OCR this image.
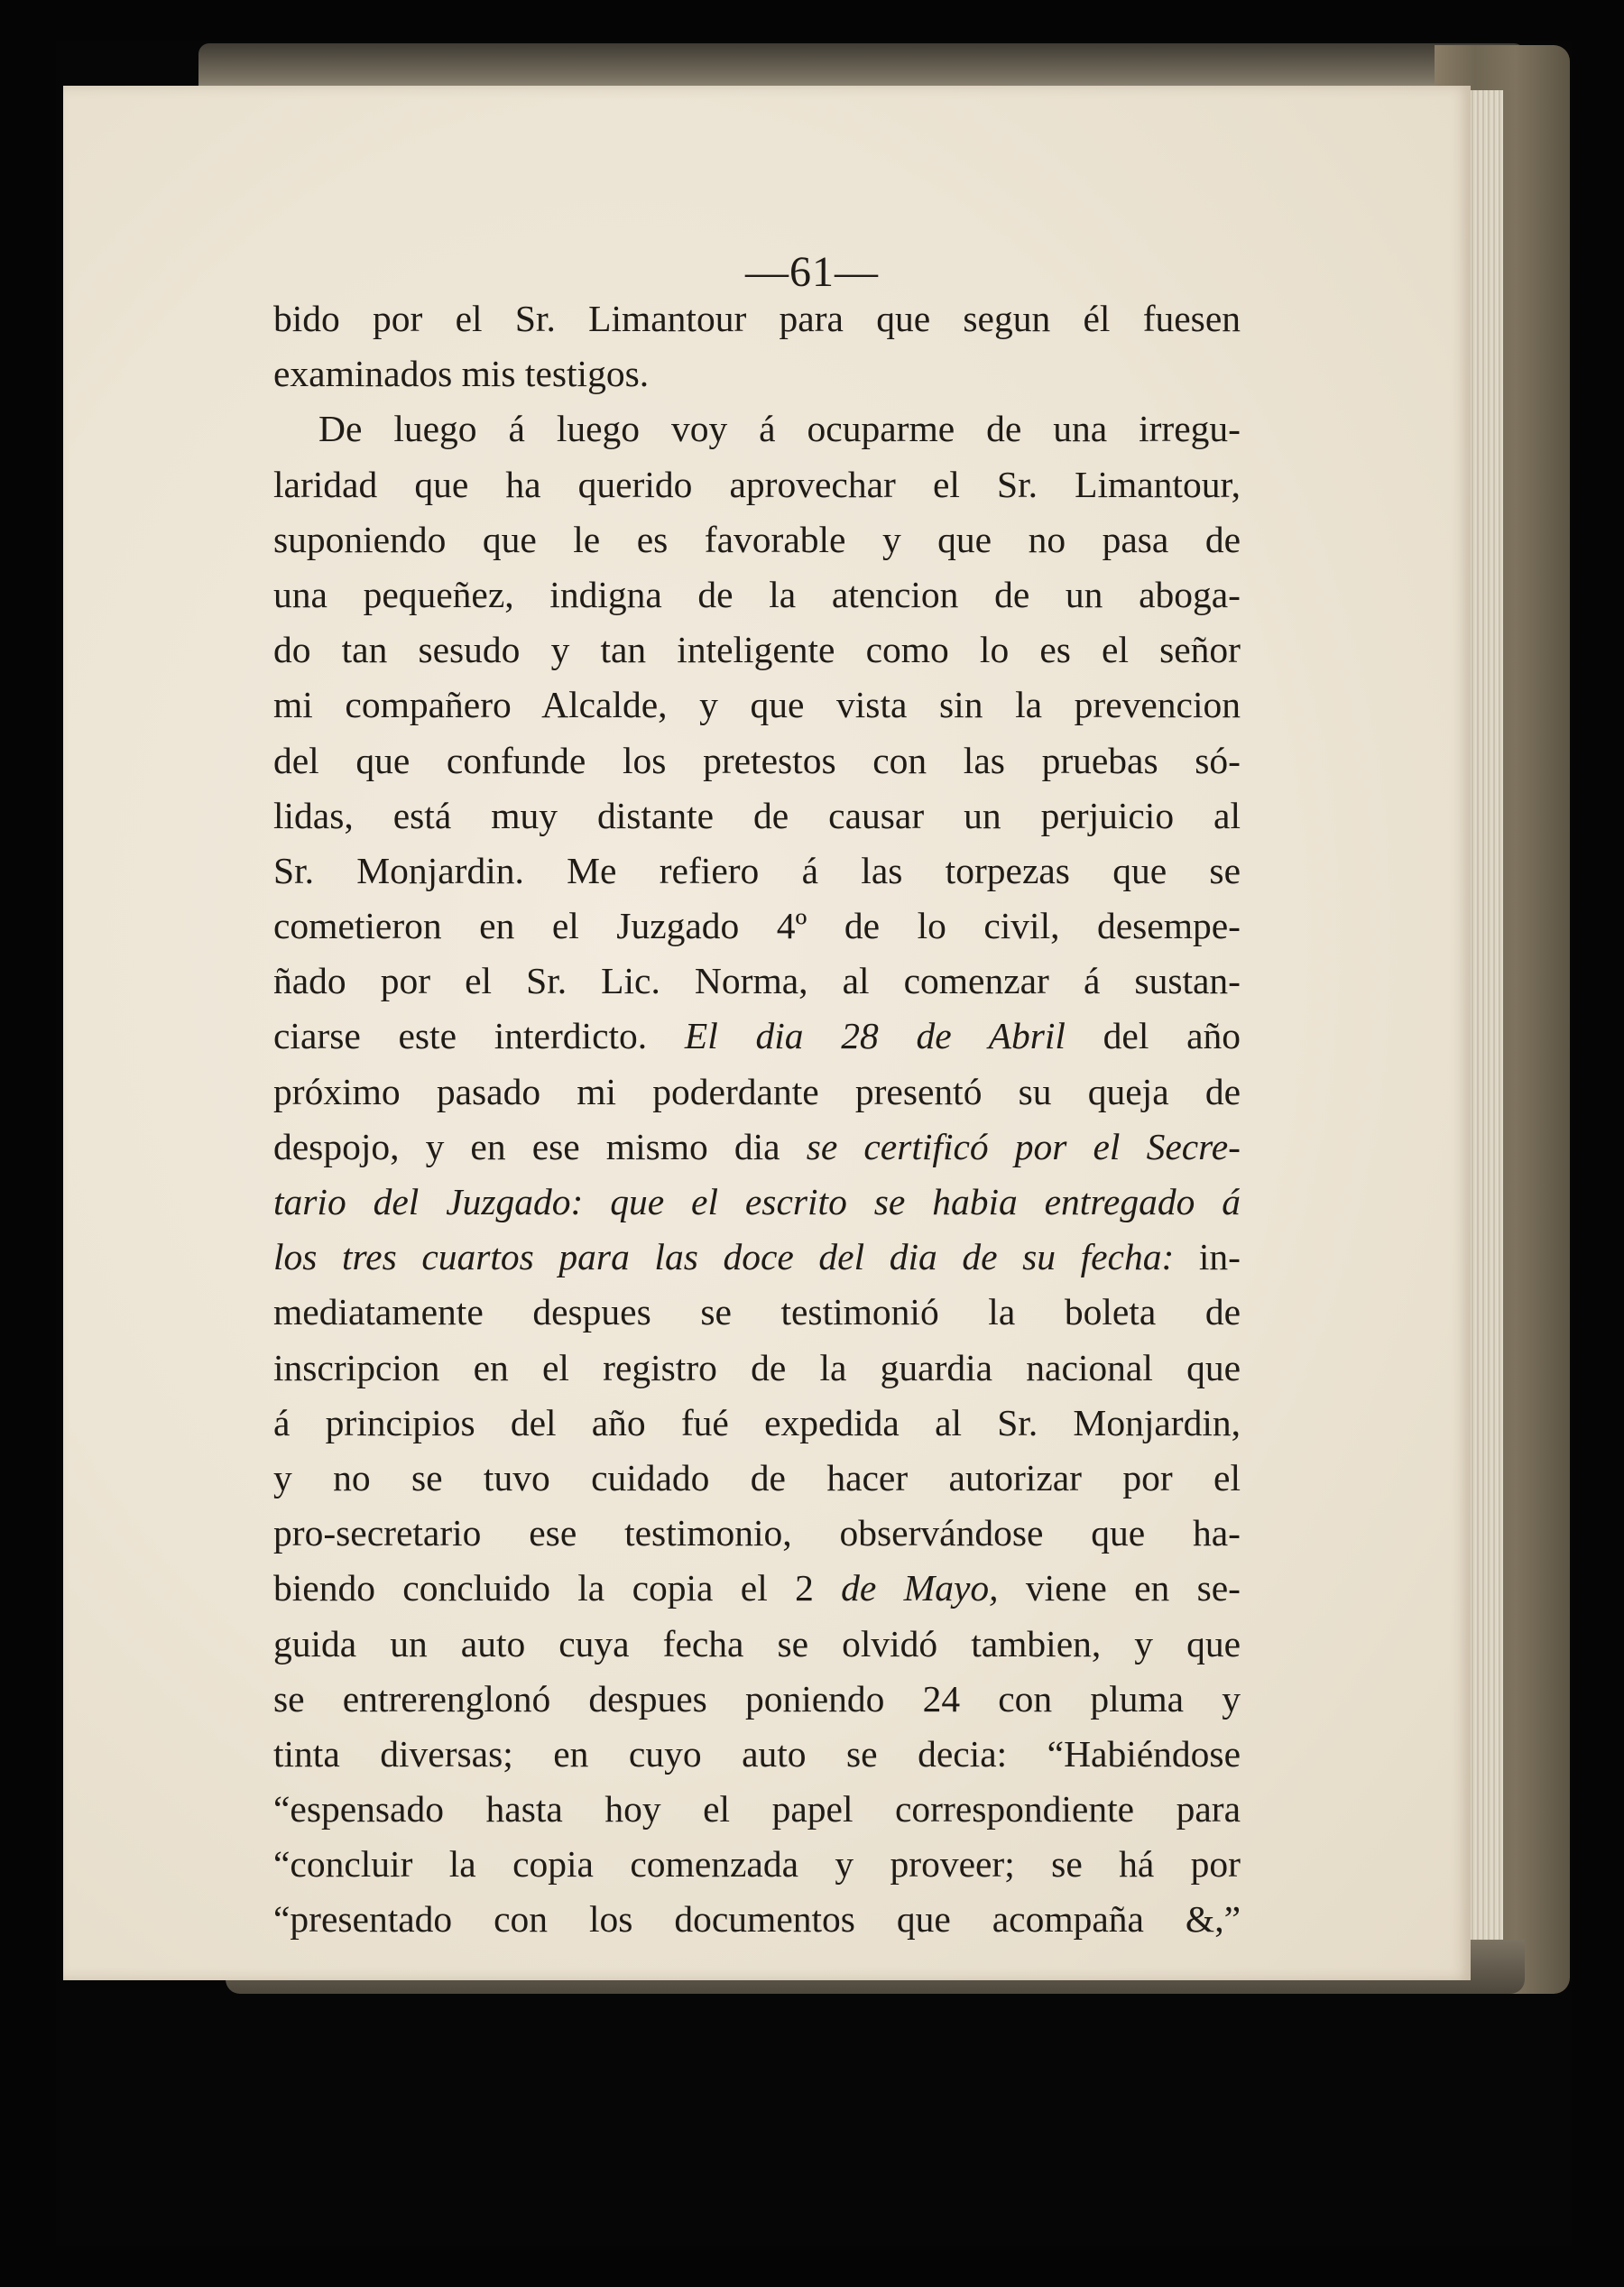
—61—
bido por el Sr. Limantour para que segun él fuesen
examinados mis testigos.
De luego á luego voy á ocuparme de una irregu-
laridad que ha querido aprovechar el Sr. Limantour,
suponiendo que le es favorable y que no pasa de
una pequeñez, indigna de la atencion de un aboga-
do tan sesudo y tan inteligente como lo es el señor
mi compañero Alcalde, y que vista sin la prevencion
del que confunde los pretestos con las pruebas só-
lidas, está muy distante de causar un perjuicio al
Sr. Monjardin. Me refiero á las torpezas que se
cometieron en el Juzgado 4º de lo civil, desempe-
ñado por el Sr. Lic. Norma, al comenzar á sustan-
ciarse este interdicto. El dia 28 de Abril del año
próximo pasado mi poderdante presentó su queja de
despojo, y en ese mismo dia se certificó por el Secre-
tario del Juzgado: que el escrito se habia entregado á
los tres cuartos para las doce del dia de su fecha: in-
mediatamente despues se testimonió la boleta de
inscripcion en el registro de la guardia nacional que
á principios del año fué expedida al Sr. Monjardin,
y no se tuvo cuidado de hacer autorizar por el
pro-secretario ese testimonio, observándose que ha-
biendo concluido la copia el 2 de Mayo, viene en se-
guida un auto cuya fecha se olvidó tambien, y que
se entrerenglonó despues poniendo 24 con pluma y
tinta diversas; en cuyo auto se decia: “Habiéndose
“espensado hasta hoy el papel correspondiente para
“concluir la copia comenzada y proveer; se há por
“presentado con los documentos que acompaña &,”
